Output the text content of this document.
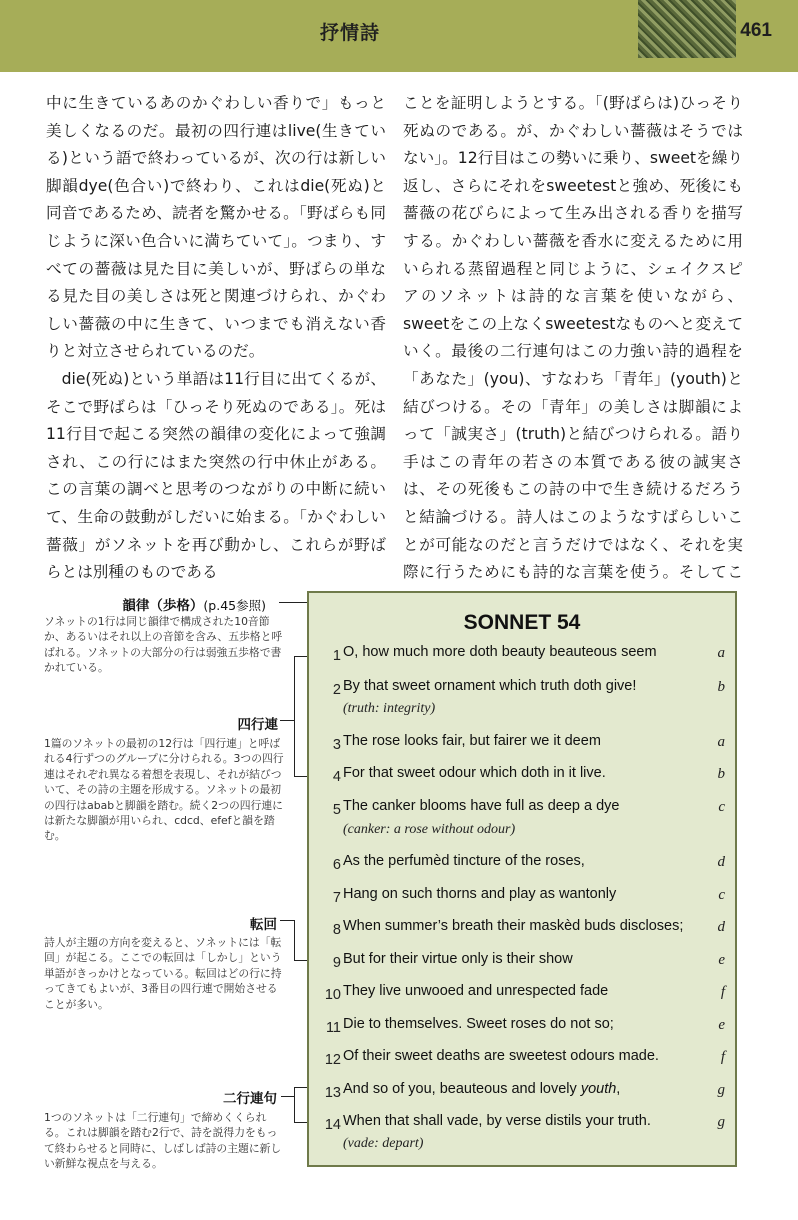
抒情詩	461

中に生きているあのかぐわしい香りで」もっと美しくなるのだ。最初の四行連はlive(生きている)という語で終わっているが、次の行は新しい脚韻dye(色合い)で終わり、これはdie(死ぬ)と同音であるため、読者を驚かせる。「野ばらも同じように深い色合いに満ちていて」。つまり、すべての薔薇は見た目に美しいが、野ばらの単なる見た目の美しさは死と関連づけられ、かぐわしい薔薇の中に生きて、いつまでも消えない香りと対立させられているのだ。

die(死ぬ)という単語は11行目に出てくるが、そこで野ばらは「ひっそり死ぬのである」。死は11行目で起こる突然の韻律の変化によって強調され、この行にはまた突然の行中休止がある。この言葉の調べと思考のつながりの中断に続いて、生命の鼓動がしだいに始まる。「かぐわしい薔薇」がソネットを再び動かし、これらが野ばらとは別種のものである

ことを証明しようとする。「(野ばらは)ひっそり死ぬのである。が、かぐわしい薔薇はそうではない」。12行目はこの勢いに乗り、sweetを繰り返し、さらにそれをsweetestと強め、死後にも薔薇の花びらによって生み出される香りを描写する。かぐわしい薔薇を香水に変えるために用いられる蒸留過程と同じように、シェイクスピアのソネットは詩的な言葉を使いながら、sweetをこの上なくsweetestなものへと変えていく。最後の二行連句はこの力強い詩的過程を「あなた」(you)、すなわち「青年」(youth)と結びつける。その「青年」の美しさは脚韻によって「誠実さ」(truth)と結びつけられる。語り手はこの青年の若さの本質である彼の誠実さは、その死後もこの詩の中で生き続けるだろうと結論づける。詩人はこのようなすばらしいことが可能なのだと言うだけではなく、それを実際に行うためにも詩的な言葉を使う。そしてこ

韻律（歩格）(p.45参照)
ソネットの1行は同じ韻律で構成された10音節か、あるいはそれ以上の音節を含み、五歩格と呼ばれる。ソネットの大部分の行は弱強五歩格で書かれている。
四行連
1篇のソネットの最初の12行は「四行連」と呼ばれる4行ずつのグループに分けられる。3つの四行連はそれぞれ異なる着想を表現し、それが結びついて、その詩の主題を形成する。ソネットの最初の四行はababと脚韻を踏む。続く2つの四行連には新たな脚韻が用いられ、cdcd、efefと韻を踏む。
転回
詩人が主題の方向を変えると、ソネットには「転回」が起こる。ここでの転回は「しかし」という単語がきっかけとなっている。転回はどの行に持ってきてもよいが、3番目の四行連で開始させることが多い。
二行連句
1つのソネットは「二行連句」で締めくくられる。これは脚韻を踏む2行で、詩を説得力をもって終わらせると同時に、しばしば詩の主題に新しい新鮮な視点を与える。
SONNET 54
1 O, how much more doth beauty beauteous seem	a
2 By that sweet ornament which truth doth give!	b
(truth: integrity)
3 The rose looks fair, but fairer we it deem	a
4 For that sweet odour which doth in it live.	b
5 The canker blooms have full as deep a dye	c
(canker: a rose without odour)
6 As the perfumèd tincture of the roses,	d
7 Hang on such thorns and play as wantonly	c
8 When summer’s breath their maskèd buds discloses;	d
9 But for their virtue only is their show	e
10 They live unwooed and unrespected fade	f
11 Die to themselves. Sweet roses do not so;	e
12 Of their sweet deaths are sweetest odours made.	f
13 And so of you, beauteous and lovely youth,	g
14 When that shall vade, by verse distils your truth.	g
(vade: depart)
